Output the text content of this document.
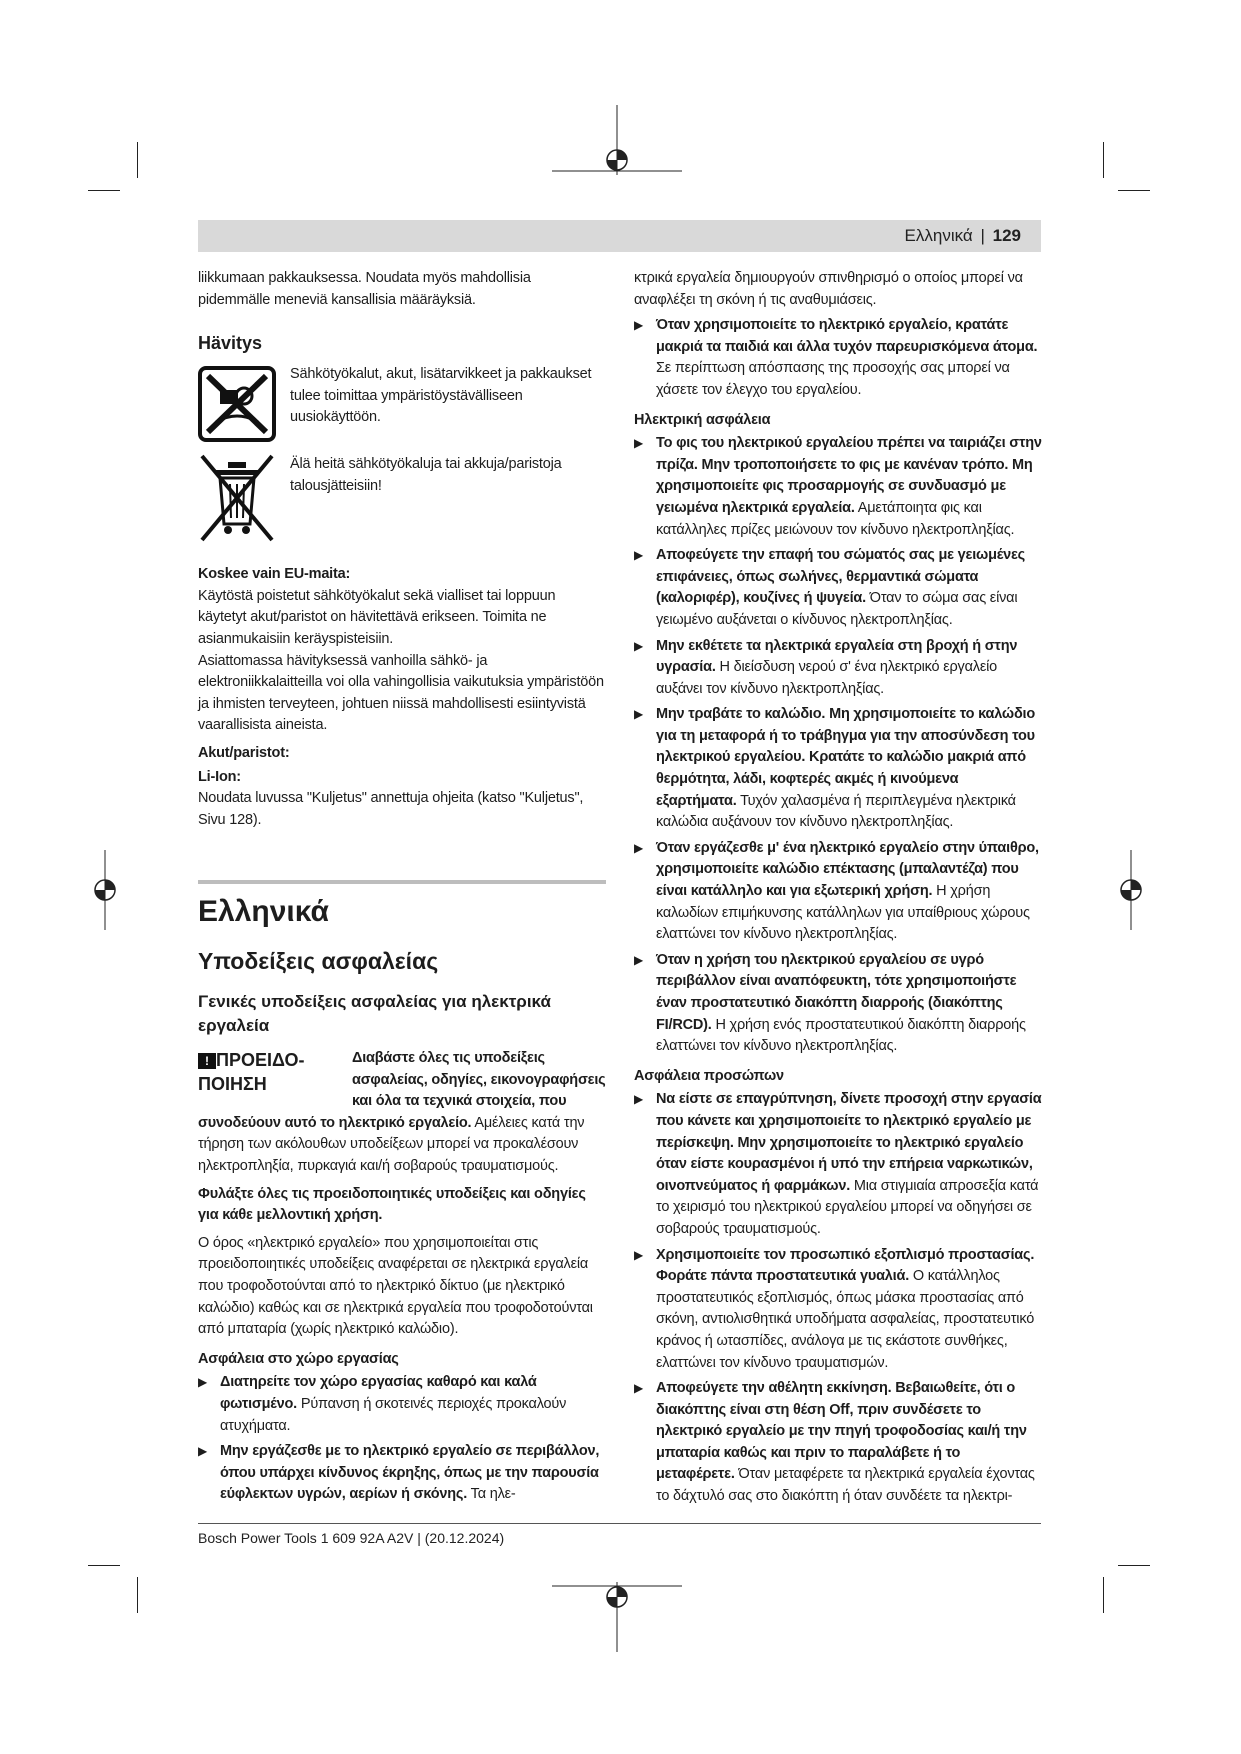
Ελληνικά | 129

liikkumaan pakkauksessa. Noudata myös mahdollisia pidemmälle meneviä kansallisia määräyksiä.

Hävitys

Sähkötyökalut, akut, lisätarvikkeet ja pakkaukset tulee toimittaa ympäristöystävälliseen uusiokäyttöön.

Älä heitä sähkötyökaluja tai akkuja/paristoja talousjätteisiin!

Koskee vain EU-maita:

Käytöstä poistetut sähkötyökalut sekä vialliset tai loppuun käytetyt akut/paristot on hävitettävä erikseen. Toimita ne asianmukaisiin keräyspisteisiin.

Asiattomassa hävityksessä vanhoilla sähkö- ja elektroniikkalaitteilla voi olla vahingollisia vaikutuksia ympäristöön ja ihmisten terveyteen, johtuen niissä mahdollisesti esiintyvistä vaarallisista aineista.

Akut/paristot:

Li-Ion:

Noudata luvussa "Kuljetus" annettuja ohjeita (katso "Kuljetus", Sivu 128).

Ελληνικά

Υποδείξεις ασφαλείας

Γενικές υποδείξεις ασφαλείας για ηλεκτρικά εργαλεία

! ΠΡΟΕΙΔΟΠΟΙΗΣΗ

Διαβάστε όλες τις υποδείξεις ασφαλείας, οδηγίες, εικονογραφήσεις και όλα τα τεχνικά στοιχεία, που συνοδεύουν αυτό το ηλεκτρικό εργαλείο. Αμέλειες κατά την τήρηση των ακόλουθων υποδείξεων μπορεί να προκαλέσουν ηλεκτροπληξία, πυρκαγιά και/ή σοβαρούς τραυματισμούς.

Φυλάξτε όλες τις προειδοποιητικές υποδείξεις και οδηγίες για κάθε μελλοντική χρήση.

Ο όρος «ηλεκτρικό εργαλείο» που χρησιμοποιείται στις προειδοποιητικές υποδείξεις αναφέρεται σε ηλεκτρικά εργαλεία που τροφοδοτούνται από το ηλεκτρικό δίκτυο (με ηλεκτρικό καλώδιο) καθώς και σε ηλεκτρικά εργαλεία που τροφοδοτούνται από μπαταρία (χωρίς ηλεκτρικό καλώδιο).

Ασφάλεια στο χώρο εργασίας

▶ Διατηρείτε τον χώρο εργασίας καθαρό και καλά φωτισμένο. Ρύπανση ή σκοτεινές περιοχές προκαλούν ατυχήματα.

▶ Μην εργάζεσθε με το ηλεκτρικό εργαλείο σε περιβάλλον, όπου υπάρχει κίνδυνος έκρηξης, όπως με την παρουσία εύφλεκτων υγρών, αερίων ή σκόνης. Τα ηλε-

κτρικά εργαλεία δημιουργούν σπινθηρισμό ο οποίος μπορεί να αναφλέξει τη σκόνη ή τις αναθυμιάσεις.

▶ Όταν χρησιμοποιείτε το ηλεκτρικό εργαλείο, κρατάτε μακριά τα παιδιά και άλλα τυχόν παρευρισκόμενα άτομα. Σε περίπτωση απόσπασης της προσοχής σας μπορεί να χάσετε τον έλεγχο του εργαλείου.

Ηλεκτρική ασφάλεια

▶ Το φις του ηλεκτρικού εργαλείου πρέπει να ταιριάζει στην πρίζα. Μην τροποποιήσετε το φις με κανέναν τρόπο. Μη χρησιμοποιείτε φις προσαρμογής σε συνδυασμό με γειωμένα ηλεκτρικά εργαλεία. Αμετάποιητα φις και κατάλληλες πρίζες μειώνουν τον κίνδυνο ηλεκτροπληξίας.

▶ Αποφεύγετε την επαφή του σώματός σας με γειωμένες επιφάνειες, όπως σωλήνες, θερμαντικά σώματα (καλοριφέρ), κουζίνες ή ψυγεία. Όταν το σώμα σας είναι γειωμένο αυξάνεται ο κίνδυνος ηλεκτροπληξίας.

▶ Μην εκθέτετε τα ηλεκτρικά εργαλεία στη βροχή ή στην υγρασία. Η διείσδυση νερού σ' ένα ηλεκτρικό εργαλείο αυξάνει τον κίνδυνο ηλεκτροπληξίας.

▶ Μην τραβάτε το καλώδιο. Μη χρησιμοποιείτε το καλώδιο για τη μεταφορά ή το τράβηγμα για την αποσύνδεση του ηλεκτρικού εργαλείου. Κρατάτε το καλώδιο μακριά από θερμότητα, λάδι, κοφτερές ακμές ή κινούμενα εξαρτήματα. Τυχόν χαλασμένα ή περιπλεγμένα ηλεκτρικά καλώδια αυξάνουν τον κίνδυνο ηλεκτροπληξίας.

▶ Όταν εργάζεσθε μ' ένα ηλεκτρικό εργαλείο στην ύπαιθρο, χρησιμοποιείτε καλώδιο επέκτασης (μπαλαντέζα) που είναι κατάλληλο και για εξωτερική χρήση. Η χρήση καλωδίων επιμήκυνσης κατάλληλων για υπαίθριους χώρους ελαττώνει τον κίνδυνο ηλεκτροπληξίας.

▶ Όταν η χρήση του ηλεκτρικού εργαλείου σε υγρό περιβάλλον είναι αναπόφευκτη, τότε χρησιμοποιήστε έναν προστατευτικό διακόπτη διαρροής (διακόπτης FI/RCD). Η χρήση ενός προστατευτικού διακόπτη διαρροής ελαττώνει τον κίνδυνο ηλεκτροπληξίας.

Ασφάλεια προσώπων

▶ Να είστε σε επαγρύπνηση, δίνετε προσοχή στην εργασία που κάνετε και χρησιμοποιείτε το ηλεκτρικό εργαλείο με περίσκεψη. Μην χρησιμοποιείτε το ηλεκτρικό εργαλείο όταν είστε κουρασμένοι ή υπό την επήρεια ναρκωτικών, οινοπνεύματος ή φαρμάκων. Μια στιγμιαία απροσεξία κατά το χειρισμό του ηλεκτρικού εργαλείου μπορεί να οδηγήσει σε σοβαρούς τραυματισμούς.

▶ Χρησιμοποιείτε τον προσωπικό εξοπλισμό προστασίας. Φοράτε πάντα προστατευτικά γυαλιά. Ο κατάλληλος προστατευτικός εξοπλισμός, όπως μάσκα προστασίας από σκόνη, αντιολισθητικά υποδήματα ασφαλείας, προστατευτικό κράνος ή ωτασπίδες, ανάλογα με τις εκάστοτε συνθήκες, ελαττώνει τον κίνδυνο τραυματισμών.

▶ Αποφεύγετε την αθέλητη εκκίνηση. Βεβαιωθείτε, ότι ο διακόπτης είναι στη θέση Off, πριν συνδέσετε το ηλεκτρικό εργαλείο με την πηγή τροφοδοσίας και/ή την μπαταρία καθώς και πριν το παραλάβετε ή το μεταφέρετε. Όταν μεταφέρετε τα ηλεκτρικά εργαλεία έχοντας το δάχτυλό σας στο διακόπτη ή όταν συνδέετε τα ηλεκτρι-

Bosch Power Tools 1 609 92A A2V | (20.12.2024)
